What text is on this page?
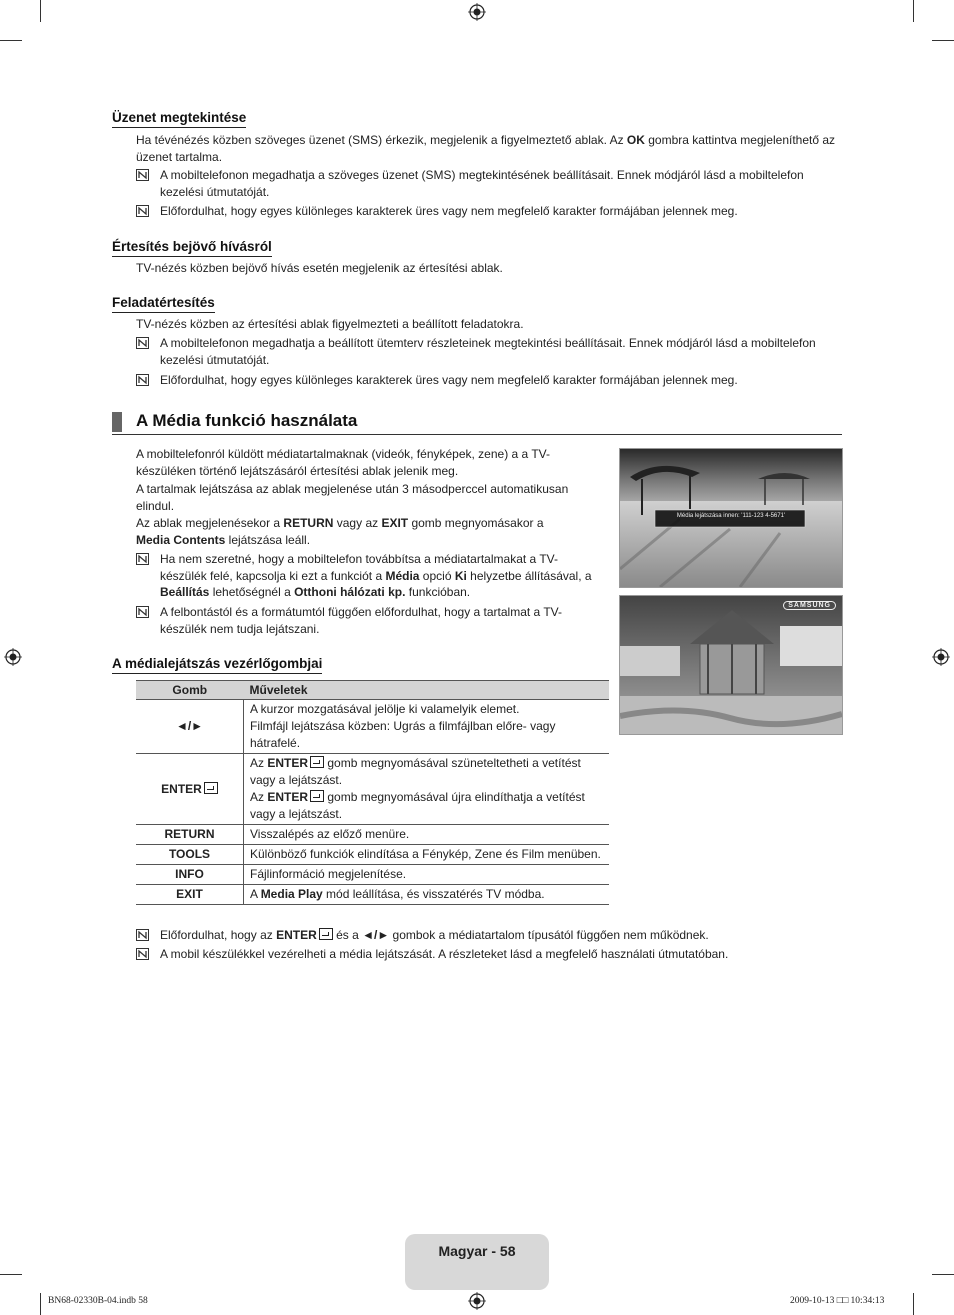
Üzenet megtekintése
Ha tévénézés közben szöveges üzenet (SMS) érkezik, megjelenik a figyelmeztető ablak. Az OK gombra kattintva megjeleníthető az üzenet tartalma.
A mobiltelefonon megadhatja a szöveges üzenet (SMS) megtekintésének beállításait. Ennek módjáról lásd a mobiltelefon kezelési útmutatóját.
Előfordulhat, hogy egyes különleges karakterek üres vagy nem megfelelő karakter formájában jelennek meg.
Értesítés bejövő hívásról
TV-nézés közben bejövő hívás esetén megjelenik az értesítési ablak.
Feladatértesítés
TV-nézés közben az értesítési ablak figyelmezteti a beállított feladatokra.
A mobiltelefonon megadhatja a beállított ütemterv részleteinek megtekintési beállításait. Ennek módjáról lásd a mobiltelefon kezelési útmutatóját.
Előfordulhat, hogy egyes különleges karakterek üres vagy nem megfelelő karakter formájában jelennek meg.
A Média funkció használata
A mobiltelefonról küldött médiatartalmaknak (videók, fényképek, zene) a a TV-készüléken történő lejátszásáról értesítési ablak jelenik meg.
A tartalmak lejátszása az ablak megjelenése után 3 másodperccel automatikusan elindul.
Az ablak megjelenésekor a RETURN vagy az EXIT gomb megnyomásakor a Media Contents lejátszása leáll.
Ha nem szeretné, hogy a mobiltelefon továbbítsa a médiatartalmakat a TV-készülék felé, kapcsolja ki ezt a funkciót a Média opció Ki helyzetbe állításával, a Beállítás lehetőségnél a Otthoni hálózati kp. funkcióban.
A felbontástól és a formátumtól függően előfordulhat, hogy a tartalmat a TV-készülék nem tudja lejátszani.
Média lejátszása innen: '111-123 4-5671'
SAMSUNG
A médialejátszás vezérlőgombjai
Gomb	Műveletek
◄/►	A kurzor mozgatásával jelölje ki valamelyik elemet.
Filmfájl lejátszása közben: Ugrás a filmfájlban előre- vagy hátrafelé.

ENTER	Az ENTER gomb megnyomásával szüneteltetheti a vetítést vagy a lejátszást.
Az ENTER gomb megnyomásával újra elindíthatja a vetítést vagy a lejátszást.

RETURN	Visszalépés az előző menüre.
TOOLS	Különböző funkciók elindítása a Fénykép, Zene és Film menüben.
INFO	Fájlinformáció megjelenítése.
EXIT	A Media Play mód leállítása, és visszatérés TV módba.
Előfordulhat, hogy az ENTER és a ◄/► gombok a médiatartalom típusától függően nem működnek.
A mobil készülékkel vezérelheti a média lejátszását. A részleteket lásd a megfelelő használati útmutatóban.
Magyar - 58
BN68-02330B-04.indb 58	2009-10-13 □□ 10:34:13
